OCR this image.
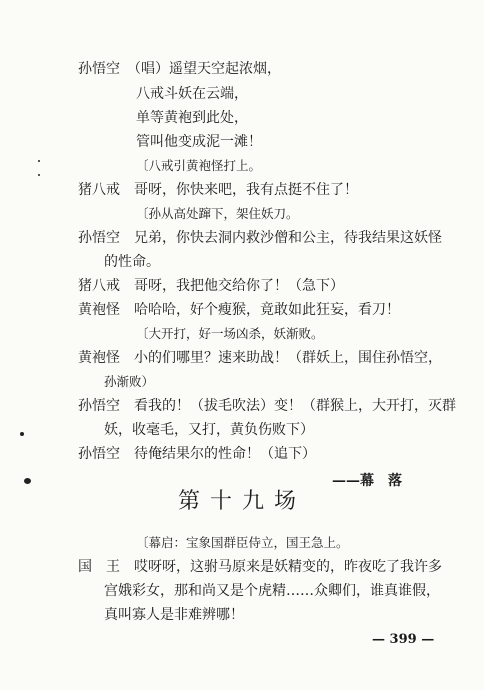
孙悟空　（唱）遥望天空起浓烟，
八戒斗妖在云端，
单等黄袍到此处，
管叫他变成泥一滩！
〔八戒引黄袍怪打上。
猪八戒　哥呀，你快来吧，我有点挺不住了！
〔孙从高处蹿下，架住妖刀。
孙悟空　兄弟，你快去洞内救沙僧和公主，待我结果这妖怪
的性命。
猪八戒　哥呀，我把他交给你了！（急下）
黄袍怪　哈哈哈，好个瘦猴，竟敢如此狂妄，看刀！
〔大开打，好一场凶杀，妖渐败。
黄袍怪　小的们哪里？速来助战！（群妖上，围住孙悟空，
孙渐败）
孙悟空　看我的！（拔毛吹法）变！（群猴上，大开打，灭群
妖，收毫毛，又打，黄负伤败下）
孙悟空　待俺结果尔的性命！（追下）
——幕　落
第十九场
〔幕启：宝象国群臣侍立，国王急上。
国　王　哎呀呀，这驸马原来是妖精变的，昨夜吃了我许多
宫娥彩女，那和尚又是个虎精……众卿们，谁真谁假，
真叫寡人是非难辨哪！
— 399 —
